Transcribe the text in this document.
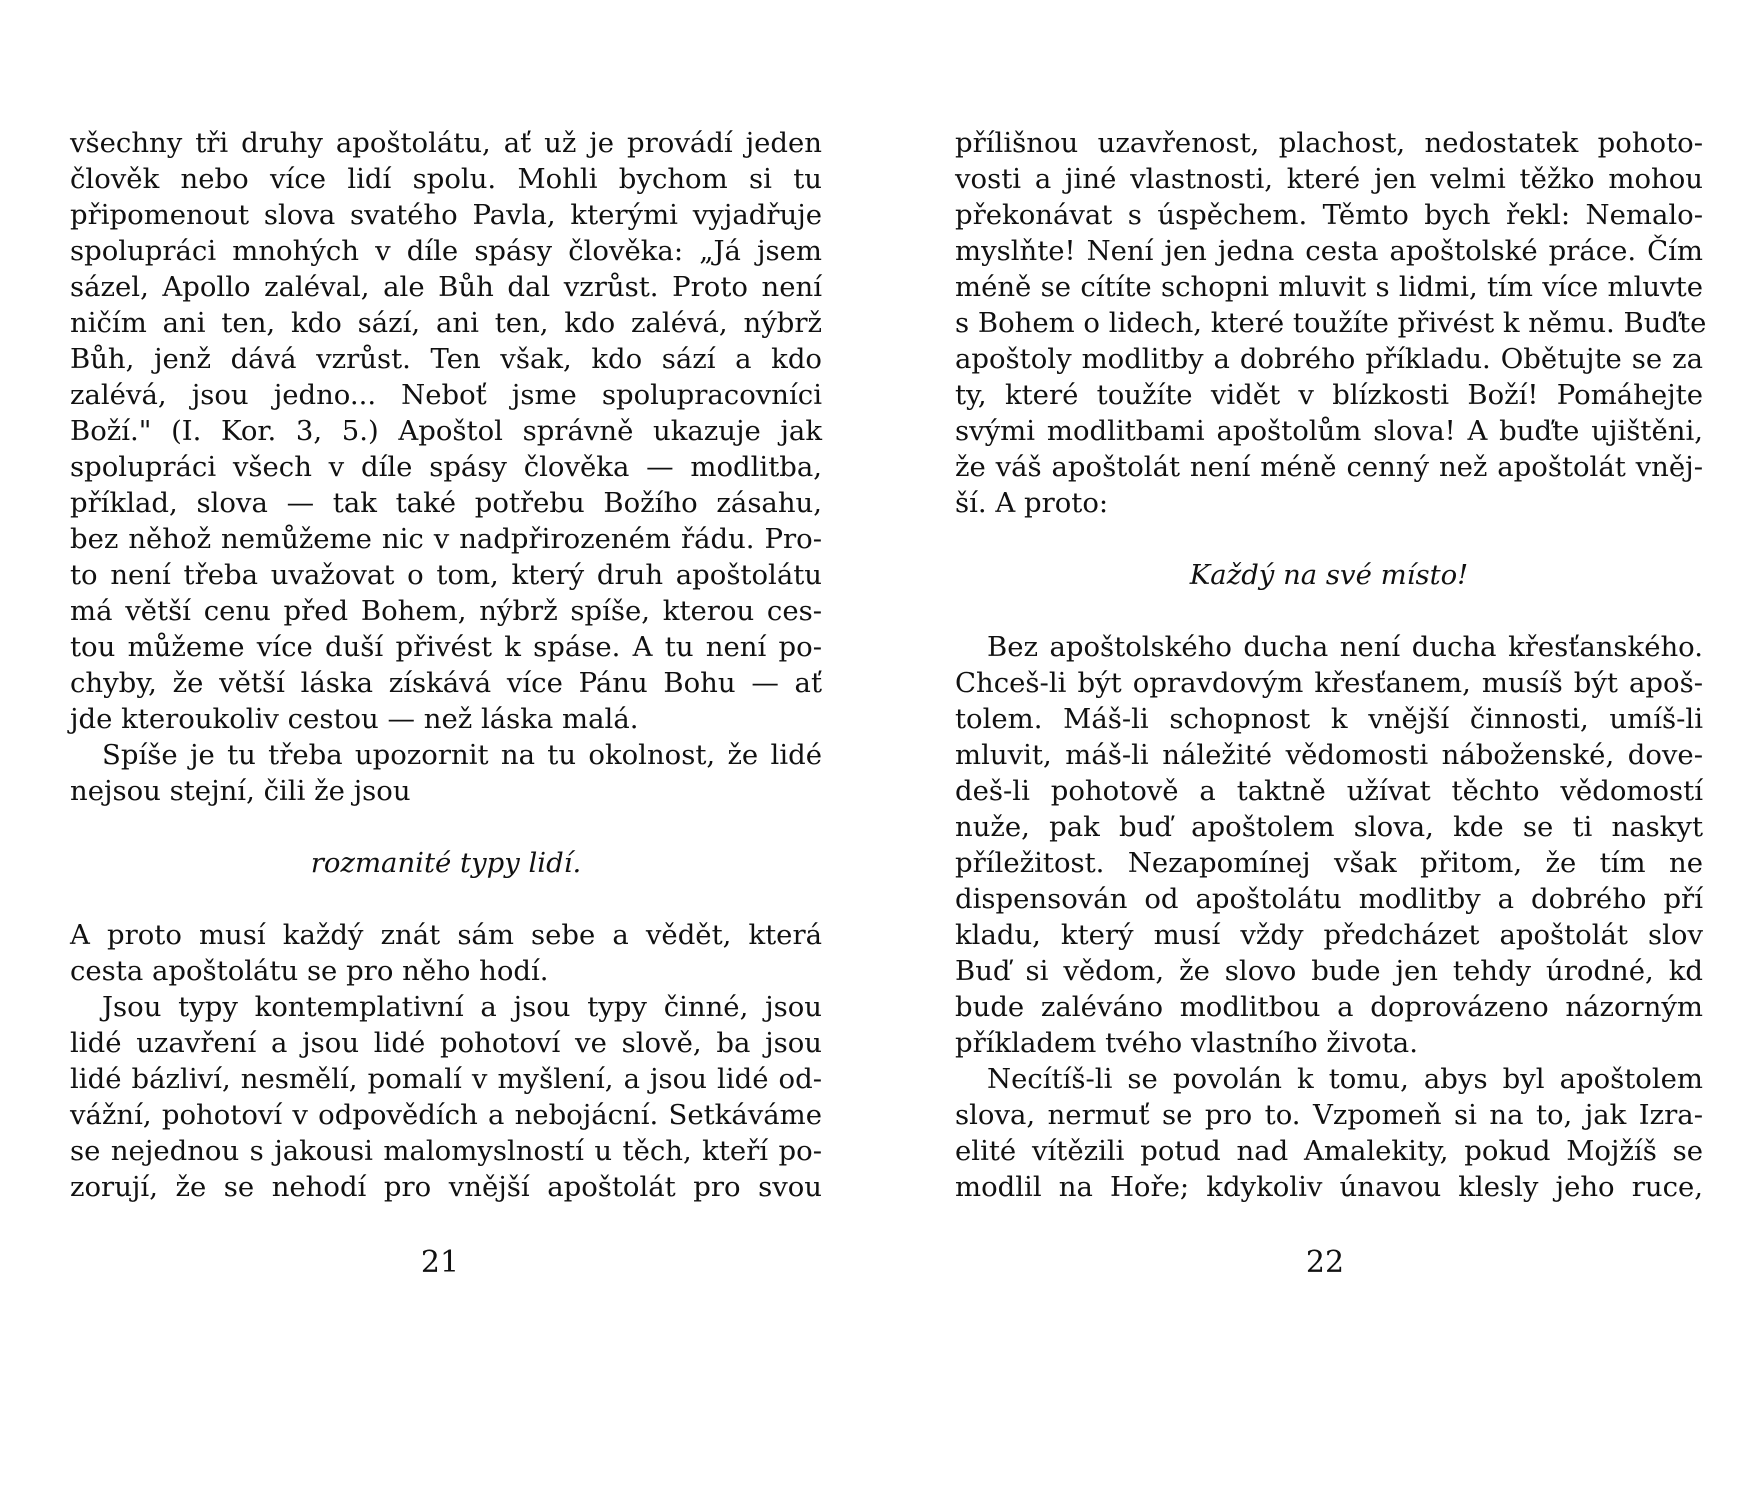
všechny tři druhy apoštolátu, ať už je provádí jeden
člověk nebo více lidí spolu. Mohli bychom si tu
připomenout slova svatého Pavla, kterými vyjadřuje
spolupráci mnohých v díle spásy člověka: „Já jsem
sázel, Apollo zaléval, ale Bůh dal vzrůst. Proto není
ničím ani ten, kdo sází, ani ten, kdo zalévá, nýbrž
Bůh, jenž dává vzrůst. Ten však, kdo sází a kdo
zalévá, jsou jedno... Neboť jsme spolupracovníci
Boží." (I. Kor. 3, 5.) Apoštol správně ukazuje jak
spolupráci všech v díle spásy člověka — modlitba,
příklad, slova — tak také potřebu Božího zásahu,
bez něhož nemůžeme nic v nadpřirozeném řádu. Pro-
to není třeba uvažovat o tom, který druh apoštolátu
má větší cenu před Bohem, nýbrž spíše, kterou ces-
tou můžeme více duší přivést k spáse. A tu není po-
chyby, že větší láska získává více Pánu Bohu — ať
jde kteroukoliv cestou — než láska malá.
Spíše je tu třeba upozornit na tu okolnost, že lidé
nejsou stejní, čili že jsou
rozmanité typy lidí.
A proto musí každý znát sám sebe a vědět, která
cesta apoštolátu se pro něho hodí.
Jsou typy kontemplativní a jsou typy činné, jsou
lidé uzavření a jsou lidé pohotoví ve slově, ba jsou
lidé bázliví, nesmělí, pomalí v myšlení, a jsou lidé od-
vážní, pohotoví v odpovědích a nebojácní. Setkáváme
se nejednou s jakousi malomyslností u těch, kteří po-
zorují, že se nehodí pro vnější apoštolát pro svou
přílišnou uzavřenost, plachost, nedostatek pohoto-
vosti a jiné vlastnosti, které jen velmi těžko mohou
překonávat s úspěchem. Těmto bych řekl: Nemalo-
myslňte! Není jen jedna cesta apoštolské práce. Čím
méně se cítíte schopni mluvit s lidmi, tím více mluvte
s Bohem o lidech, které toužíte přivést k němu. Buďte
apoštoly modlitby a dobrého příkladu. Obětujte se za
ty, které toužíte vidět v blízkosti Boží! Pomáhejte
svými modlitbami apoštolům slova! A buďte ujištěni,
že váš apoštolát není méně cenný než apoštolát vněj-
ší. A proto:
Každý na své místo!
Bez apoštolského ducha není ducha křesťanského.
Chceš-li být opravdovým křesťanem, musíš být apoš-
tolem. Máš-li schopnost k vnější činnosti, umíš-li
mluvit, máš-li náležité vědomosti náboženské, dove-
deš-li pohotově a taktně užívat těchto vědomostí
nuže, pak buď apoštolem slova, kde se ti naskyt
příležitost. Nezapomínej však přitom, že tím ne
dispensován od apoštolátu modlitby a dobrého pří
kladu, který musí vždy předcházet apoštolát slov
Buď si vědom, že slovo bude jen tehdy úrodné, kd
bude zaléváno modlitbou a doprovázeno názorným
příkladem tvého vlastního života.
Necítíš-li se povolán k tomu, abys byl apoštolem
slova, nermuť se pro to. Vzpomeň si na to, jak Izra-
elité vítězili potud nad Amalekity, pokud Mojžíš se
modlil na Hoře; kdykoliv únavou klesly jeho ruce,
21	22
